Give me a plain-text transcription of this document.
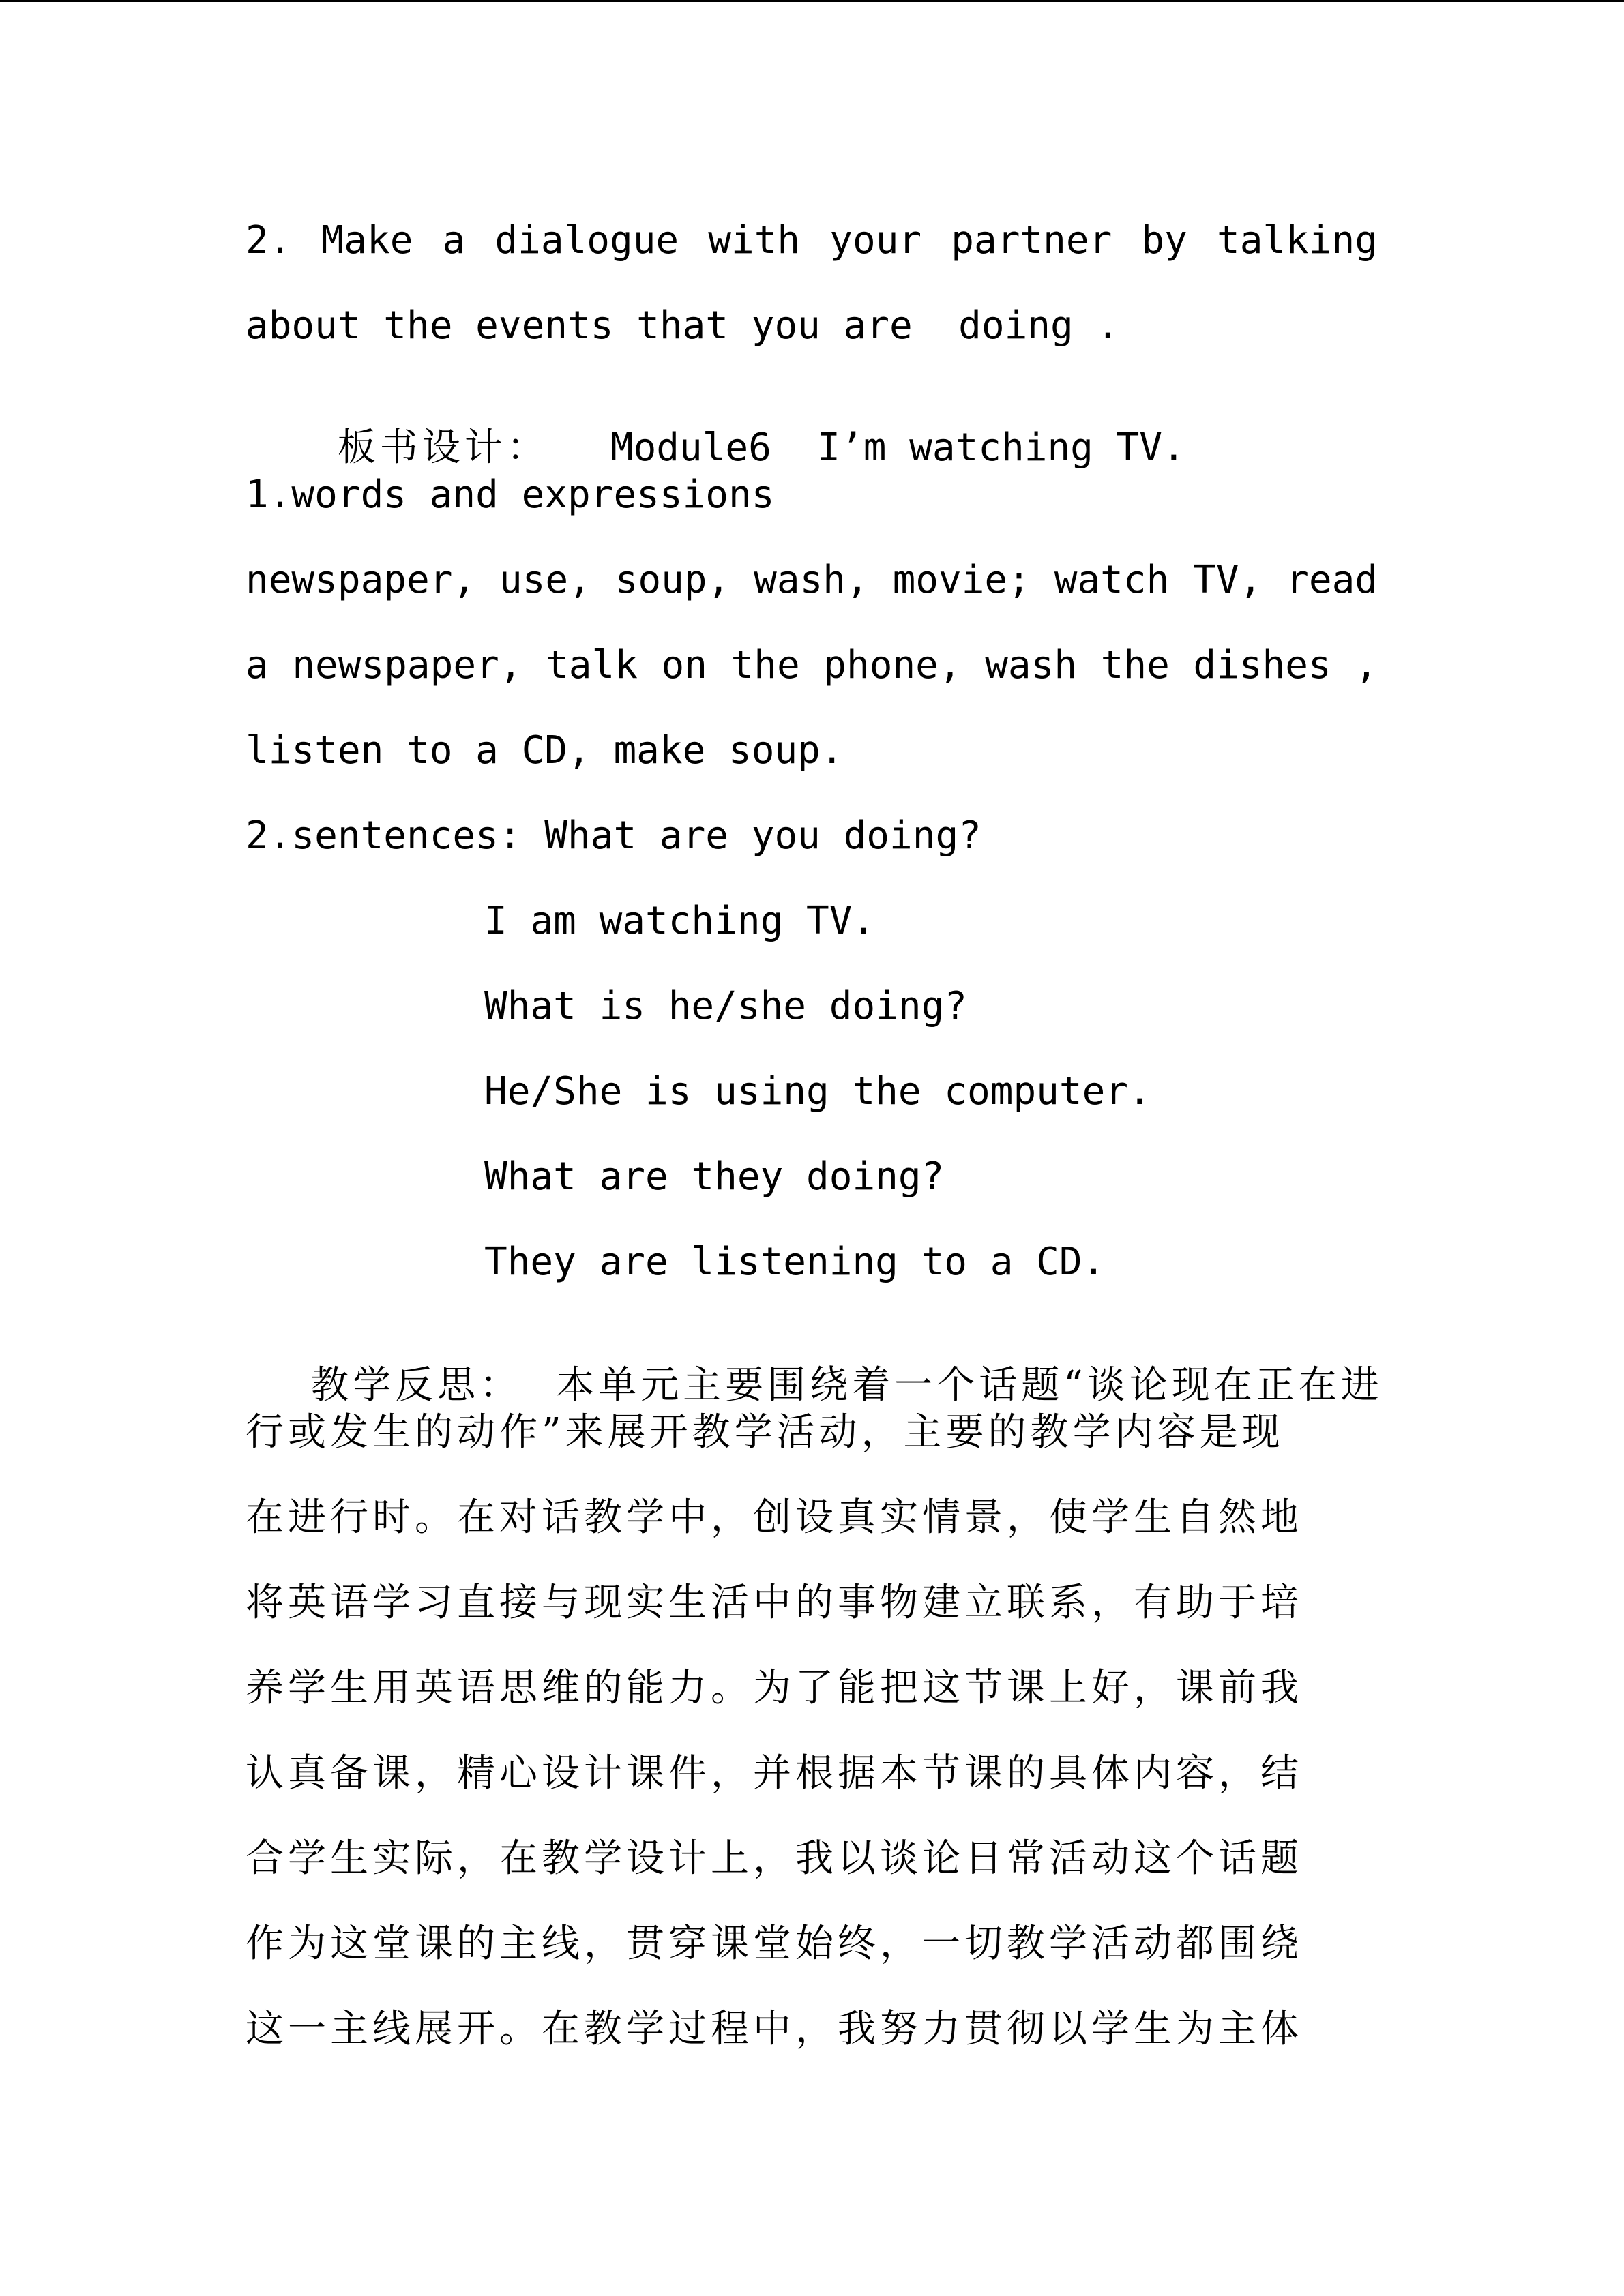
2. Make a dialogue with your partner by talking
about the events that you are  doing .

板书设计： Module6  I’m watching TV.

1.words and expressions
newspaper, use, soup, wash, movie; watch TV, read
a newspaper, talk on the phone, wash the dishes ,
listen to a CD, make soup.
2.sentences: What are you doing?
I am watching TV.
What is he/she doing?
He/She is using the computer.
What are they doing?
They are listening to a CD.

教学反思： 本单元主要围绕着一个话题“谈论现在正在进

行或发生的动作”来展开教学活动，主要的教学内容是现
在进行时。在对话教学中，创设真实情景，使学生自然地
将英语学习直接与现实生活中的事物建立联系，有助于培
养学生用英语思维的能力。为了能把这节课上好，课前我
认真备课，精心设计课件，并根据本节课的具体内容，结
合学生实际，在教学设计上，我以谈论日常活动这个话题
作为这堂课的主线，贯穿课堂始终，一切教学活动都围绕
这一主线展开。在教学过程中，我努力贯彻以学生为主体
